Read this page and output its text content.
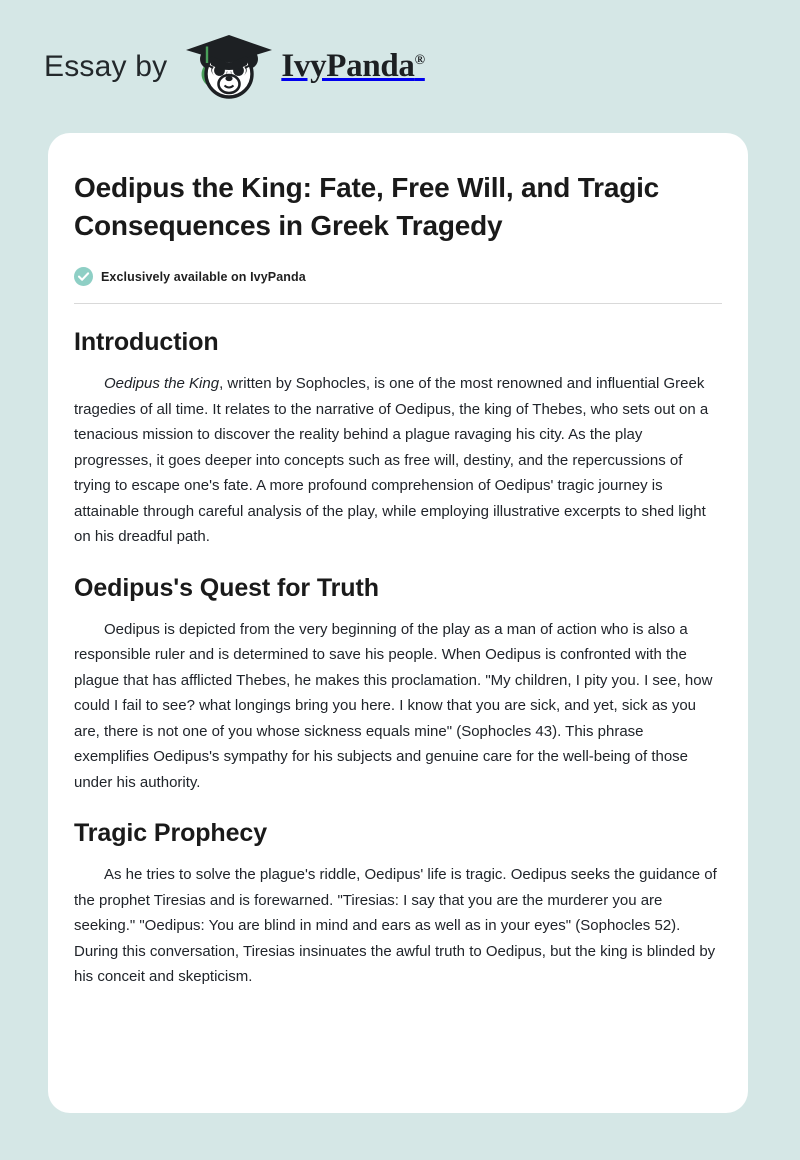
Essay by	IvyPanda®
Oedipus the King: Fate, Free Will, and Tragic Consequences in Greek Tragedy
Exclusively available on IvyPanda
Introduction

Oedipus the King, written by Sophocles, is one of the most renowned and influential Greek tragedies of all time. It relates to the narrative of Oedipus, the king of Thebes, who sets out on a tenacious mission to discover the reality behind a plague ravaging his city. As the play progresses, it goes deeper into concepts such as free will, destiny, and the repercussions of trying to escape one's fate. A more profound comprehension of Oedipus' tragic journey is attainable through careful analysis of the play, while employing illustrative excerpts to shed light on his dreadful path.

Oedipus's Quest for Truth

Oedipus is depicted from the very beginning of the play as a man of action who is also a responsible ruler and is determined to save his people. When Oedipus is confronted with the plague that has afflicted Thebes, he makes this proclamation. "My children, I pity you. I see, how could I fail to see? what longings bring you here. I know that you are sick, and yet, sick as you are, there is not one of you whose sickness equals mine" (Sophocles 43). This phrase exemplifies Oedipus's sympathy for his subjects and genuine care for the well-being of those under his authority.

Tragic Prophecy

As he tries to solve the plague's riddle, Oedipus' life is tragic. Oedipus seeks the guidance of the prophet Tiresias and is forewarned. "Tiresias: I say that you are the murderer you are seeking." "Oedipus: You are blind in mind and ears as well as in your eyes" (Sophocles 52). During this conversation, Tiresias insinuates the awful truth to Oedipus, but the king is blinded by his conceit and skepticism.
